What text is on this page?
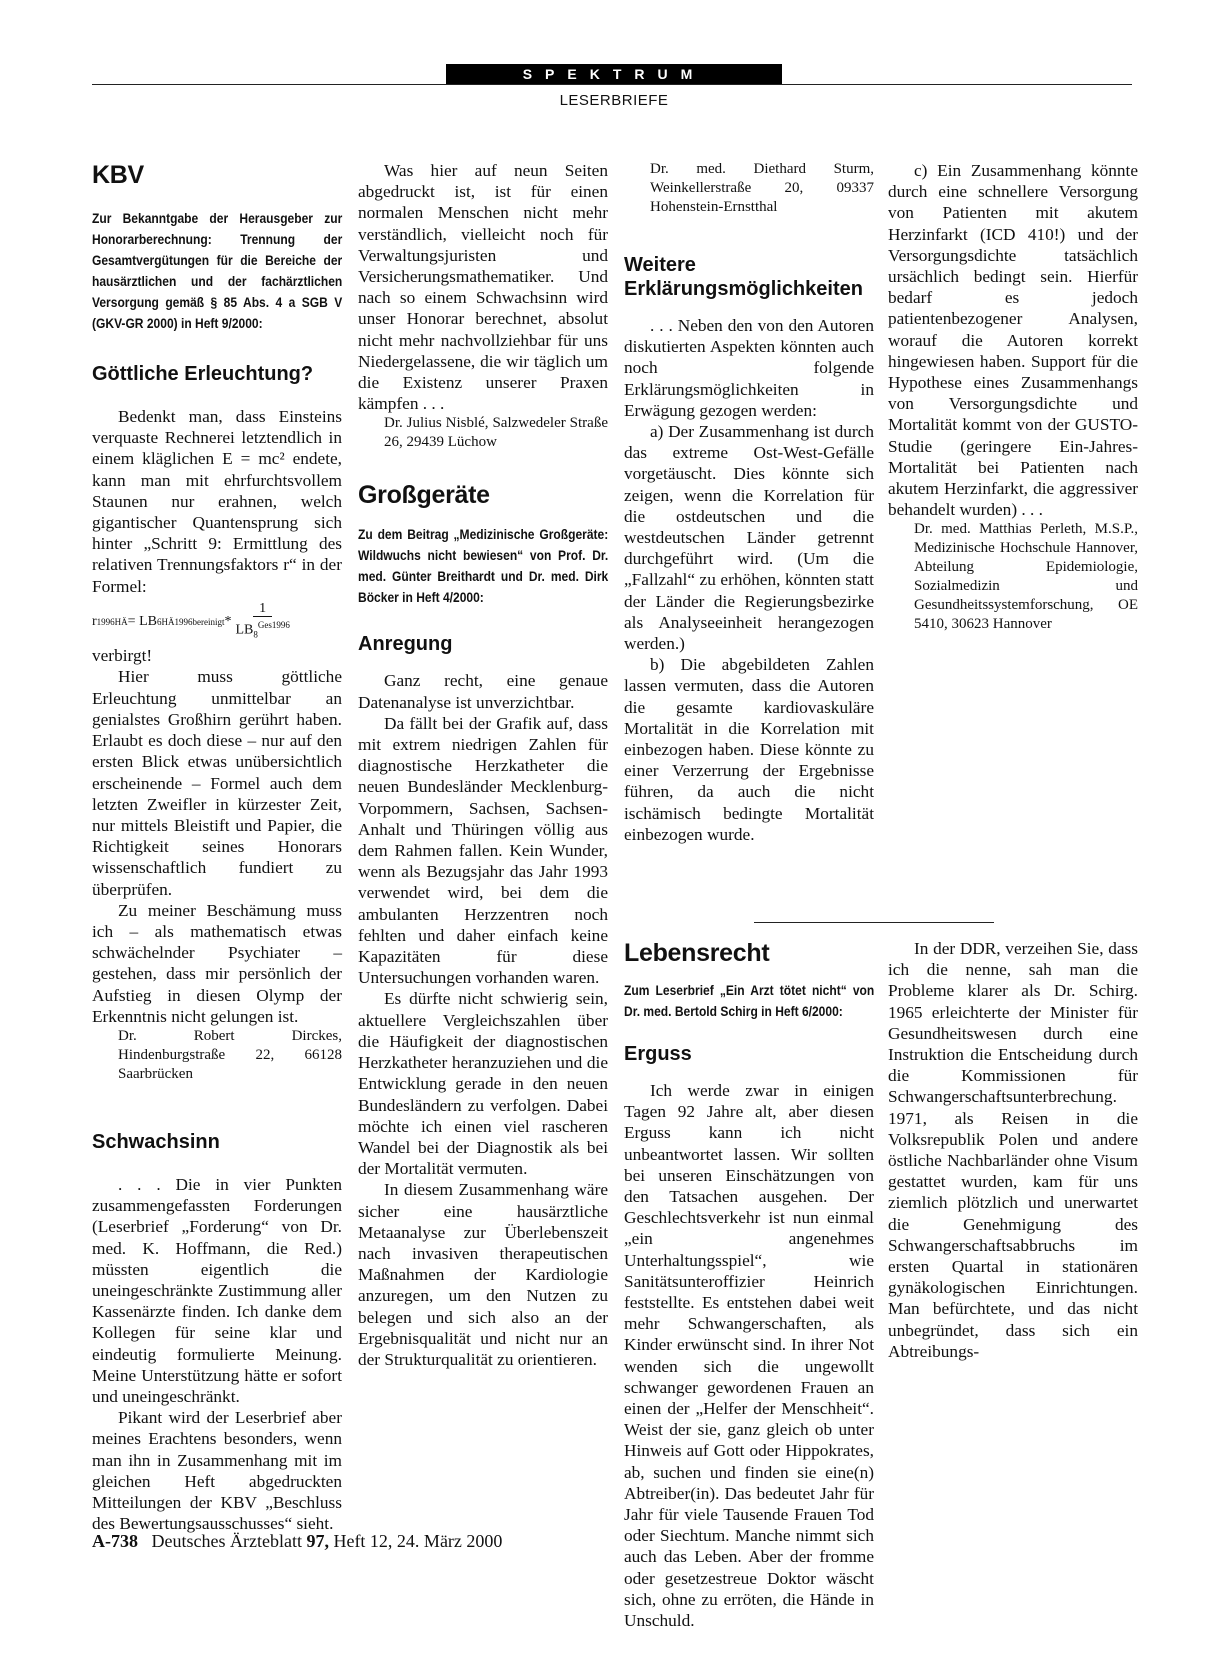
SPEKTRUM
LESERBRIEFE
KBV
Zur Bekanntgabe der Herausgeber zur Honorarberechnung: Trennung der Gesamtvergütungen für die Bereiche der hausärztlichen und der fachärztlichen Versorgung gemäß § 85 Abs. 4 a SGB V (GKV-GR 2000) in Heft 9/2000:
Göttliche Erleuchtung?

Bedenkt man, dass Einsteins verquaste Rechnerei letztendlich in einem kläglichen E = mc² endete, kann man mit ehrfurchtsvollem Staunen nur erahnen, welch gigantischer Quantensprung sich hinter „Schritt 9: Ermittlung des relativen Trennungsfaktors r“ in der Formel:

r 1996 HÄ = LB 6 HÄ 1996 bereinigt * $\frac{1}{LB_8^{Ges1996}}$

verbirgt!

Hier muss göttliche Erleuchtung unmittelbar an genialstes Großhirn gerührt haben. Erlaubt es doch diese – nur auf den ersten Blick etwas unübersichtlich erscheinende – Formel auch dem letzten Zweifler in kürzester Zeit, nur mittels Bleistift und Papier, die Richtigkeit seines Honorars wissenschaftlich fundiert zu überprüfen.

Zu meiner Beschämung muss ich – als mathematisch etwas schwächelnder Psychiater – gestehen, dass mir persönlich der Aufstieg in diesen Olymp der Erkenntnis nicht gelungen ist.

Dr. Robert Dirckes, Hindenburgstraße 22, 66128 Saarbrücken

Schwachsinn

. . . Die in vier Punkten zusammengefassten Forderungen (Leserbrief „Forderung“ von Dr. med. K. Hoffmann, die Red.) müssten eigentlich die uneingeschränkte Zustimmung aller Kassenärzte finden. Ich danke dem Kollegen für seine klar und eindeutig formulierte Meinung. Meine Unterstützung hätte er sofort und uneingeschränkt.

Pikant wird der Leserbrief aber meines Erachtens besonders, wenn man ihn in Zusammenhang mit im gleichen Heft abgedruckten Mitteilungen der KBV „Beschluss des Bewertungsausschusses“ sieht.

Was hier auf neun Seiten abgedruckt ist, ist für einen normalen Menschen nicht mehr verständlich, vielleicht noch für Verwaltungsjuristen und Versicherungsmathematiker. Und nach so einem Schwachsinn wird unser Honorar berechnet, absolut nicht mehr nachvollziehbar für uns Niedergelassene, die wir täglich um die Existenz unserer Praxen kämpfen . . .

Dr. Julius Nisblé, Salzwedeler Straße 26, 29439 Lüchow

Großgeräte
Zu dem Beitrag „Medizinische Großgeräte: Wildwuchs nicht bewiesen“ von Prof. Dr. med. Günter Breithardt und Dr. med. Dirk Böcker in Heft 4/2000:
Anregung

Ganz recht, eine genaue Datenanalyse ist unverzichtbar.

Da fällt bei der Grafik auf, dass mit extrem niedrigen Zahlen für diagnostische Herzkatheter die neuen Bundesländer Mecklenburg-Vorpommern, Sachsen, Sachsen-Anhalt und Thüringen völlig aus dem Rahmen fallen. Kein Wunder, wenn als Bezugsjahr das Jahr 1993 verwendet wird, bei dem die ambulanten Herzzentren noch fehlten und daher einfach keine Kapazitäten für diese Untersuchungen vorhanden waren.

Es dürfte nicht schwierig sein, aktuellere Vergleichszahlen über die Häufigkeit der diagnostischen Herzkatheter heranzuziehen und die Entwicklung gerade in den neuen Bundesländern zu verfolgen. Dabei möchte ich einen viel rascheren Wandel bei der Diagnostik als bei der Mortalität vermuten.

In diesem Zusammenhang wäre sicher eine hausärztliche Metaanalyse zur Überlebenszeit nach invasiven therapeutischen Maßnahmen der Kardiologie anzuregen, um den Nutzen zu belegen und sich also an der Ergebnisqualität und nicht nur an der Strukturqualität zu orientieren.

Dr. med. Diethard Sturm, Weinkellerstraße 20, 09337 Hohenstein-Ernstthal

Weitere Erklärungsmöglichkeiten

. . . Neben den von den Autoren diskutierten Aspekten könnten auch noch folgende Erklärungsmöglichkeiten in Erwägung gezogen werden:

a) Der Zusammenhang ist durch das extreme Ost-West-Gefälle vorgetäuscht. Dies könnte sich zeigen, wenn die Korrelation für die ostdeutschen und die westdeutschen Länder getrennt durchgeführt wird. (Um die „Fallzahl“ zu erhöhen, könnten statt der Länder die Regierungsbezirke als Analyseeinheit herangezogen werden.)

b) Die abgebildeten Zahlen lassen vermuten, dass die Autoren die gesamte kardiovaskuläre Mortalität in die Korrelation mit einbezogen haben. Diese könnte zu einer Verzerrung der Ergebnisse führen, da auch die nicht ischämisch bedingte Mortalität einbezogen wurde.

c) Ein Zusammenhang könnte durch eine schnellere Versorgung von Patienten mit akutem Herzinfarkt (ICD 410!) und der Versorgungsdichte tatsächlich ursächlich bedingt sein. Hierfür bedarf es jedoch patientenbezogener Analysen, worauf die Autoren korrekt hingewiesen haben. Support für die Hypothese eines Zusammenhangs von Versorgungsdichte und Mortalität kommt von der GUSTO-Studie (geringere Ein-Jahres-Mortalität bei Patienten nach akutem Herzinfarkt, die aggressiver behandelt wurden) . . .

Dr. med. Matthias Perleth, M.S.P., Medizinische Hochschule Hannover, Abteilung Epidemiologie, Sozialmedizin und Gesundheitssystemforschung, OE 5410, 30623 Hannover

Lebensrecht
Zum Leserbrief „Ein Arzt tötet nicht“ von Dr. med. Bertold Schirg in Heft 6/2000:
Erguss

Ich werde zwar in einigen Tagen 92 Jahre alt, aber diesen Erguss kann ich nicht unbeantwortet lassen. Wir sollten bei unseren Einschätzungen von den Tatsachen ausgehen. Der Geschlechtsverkehr ist nun einmal „ein angenehmes Unterhaltungsspiel“, wie Sanitätsunteroffizier Heinrich feststellte. Es entstehen dabei weit mehr Schwangerschaften, als Kinder erwünscht sind. In ihrer Not wenden sich die ungewollt schwanger gewordenen Frauen an einen der „Helfer der Menschheit“. Weist der sie, ganz gleich ob unter Hinweis auf Gott oder Hippokrates, ab, suchen und finden sie eine(n) Abtreiber(in). Das bedeutet Jahr für Jahr für viele Tausende Frauen Tod oder Siechtum. Manche nimmt sich auch das Leben. Aber der fromme oder gesetzestreue Doktor wäscht sich, ohne zu erröten, die Hände in Unschuld.

In der DDR, verzeihen Sie, dass ich die nenne, sah man die Probleme klarer als Dr. Schirg. 1965 erleichterte der Minister für Gesundheitswesen durch eine Instruktion die Entscheidung durch die Kommissionen für Schwangerschaftsunterbrechung. 1971, als Reisen in die Volksrepublik Polen und andere östliche Nachbarländer ohne Visum gestattet wurden, kam für uns ziemlich plötzlich und unerwartet die Genehmigung des Schwangerschaftsabbruchs im ersten Quartal in stationären gynäkologischen Einrichtungen. Man befürchtete, und das nicht unbegründet, dass sich ein Abtreibungs-

A-738 Deutsches Ärzteblatt 97, Heft 12, 24. März 2000
